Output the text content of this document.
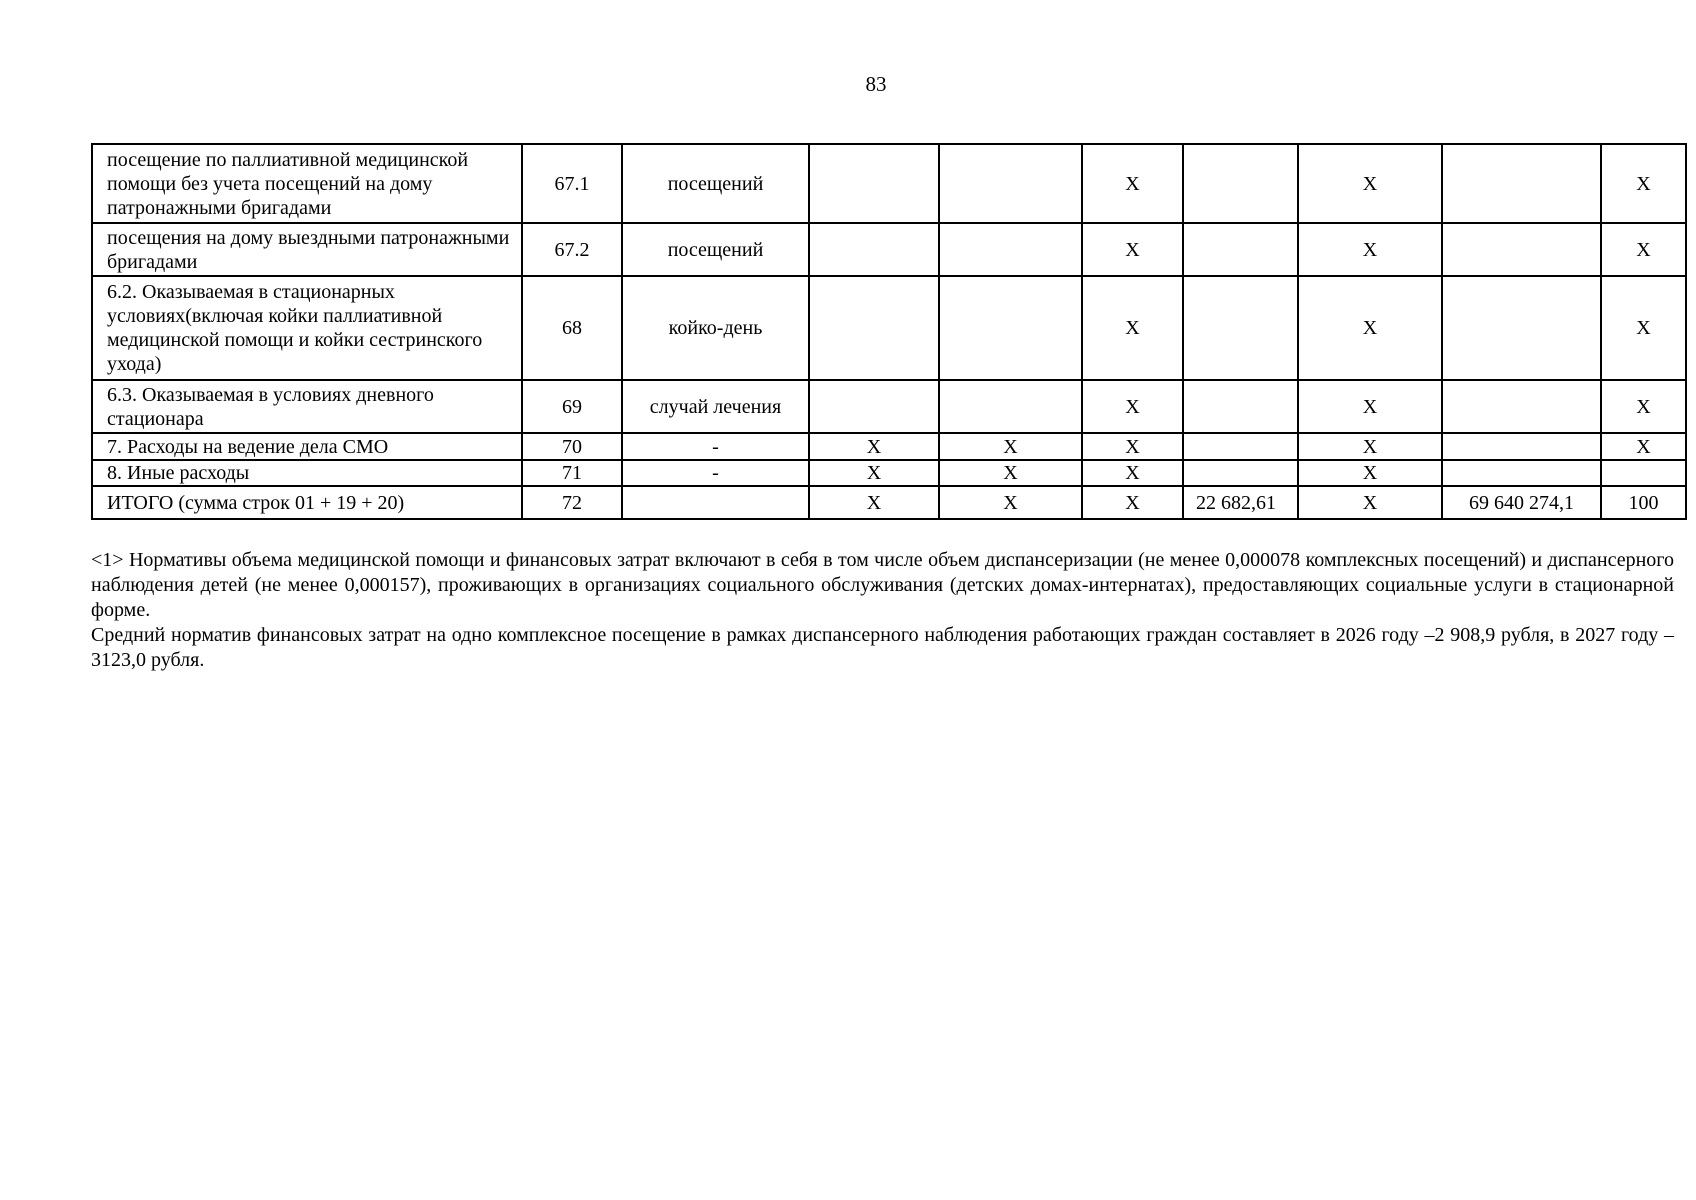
83
посещение по паллиативной медицинской помощи без учета посещений на дому патронажными бригадами	67.1	посещений			X		X		X
посещения на дому выездными патронажными бригадами	67.2	посещений			X		X		X
6.2. Оказываемая в стационарных условиях(включая койки паллиативной медицинской помощи и койки сестринского ухода)	68	койко-день			X		X		X
6.3. Оказываемая в условиях дневного стационара	69	случай лечения			X		X		X
7. Расходы на ведение дела СМО	70	-	X	X	X		X		X
8. Иные расходы	71	-	X	X	X		X		
ИТОГО (сумма строк 01 + 19 + 20)	72		X	X	X	22 682,61	X	69 640 274,1	100

<1> Нормативы объема медицинской помощи и финансовых затрат включают в себя в том числе объем диспансеризации (не менее 0,000078 комплексных посещений) и диспансерного наблюдения детей (не менее 0,000157), проживающих в организациях социального обслуживания (детских домах-интернатах), предоставляющих социальные услуги в стационарной форме.

Средний норматив финансовых затрат на одно комплексное посещение в рамках диспансерного наблюдения работающих граждан составляет в 2026 году –2 908,9 рубля, в 2027 году –3123,0 рубля.
